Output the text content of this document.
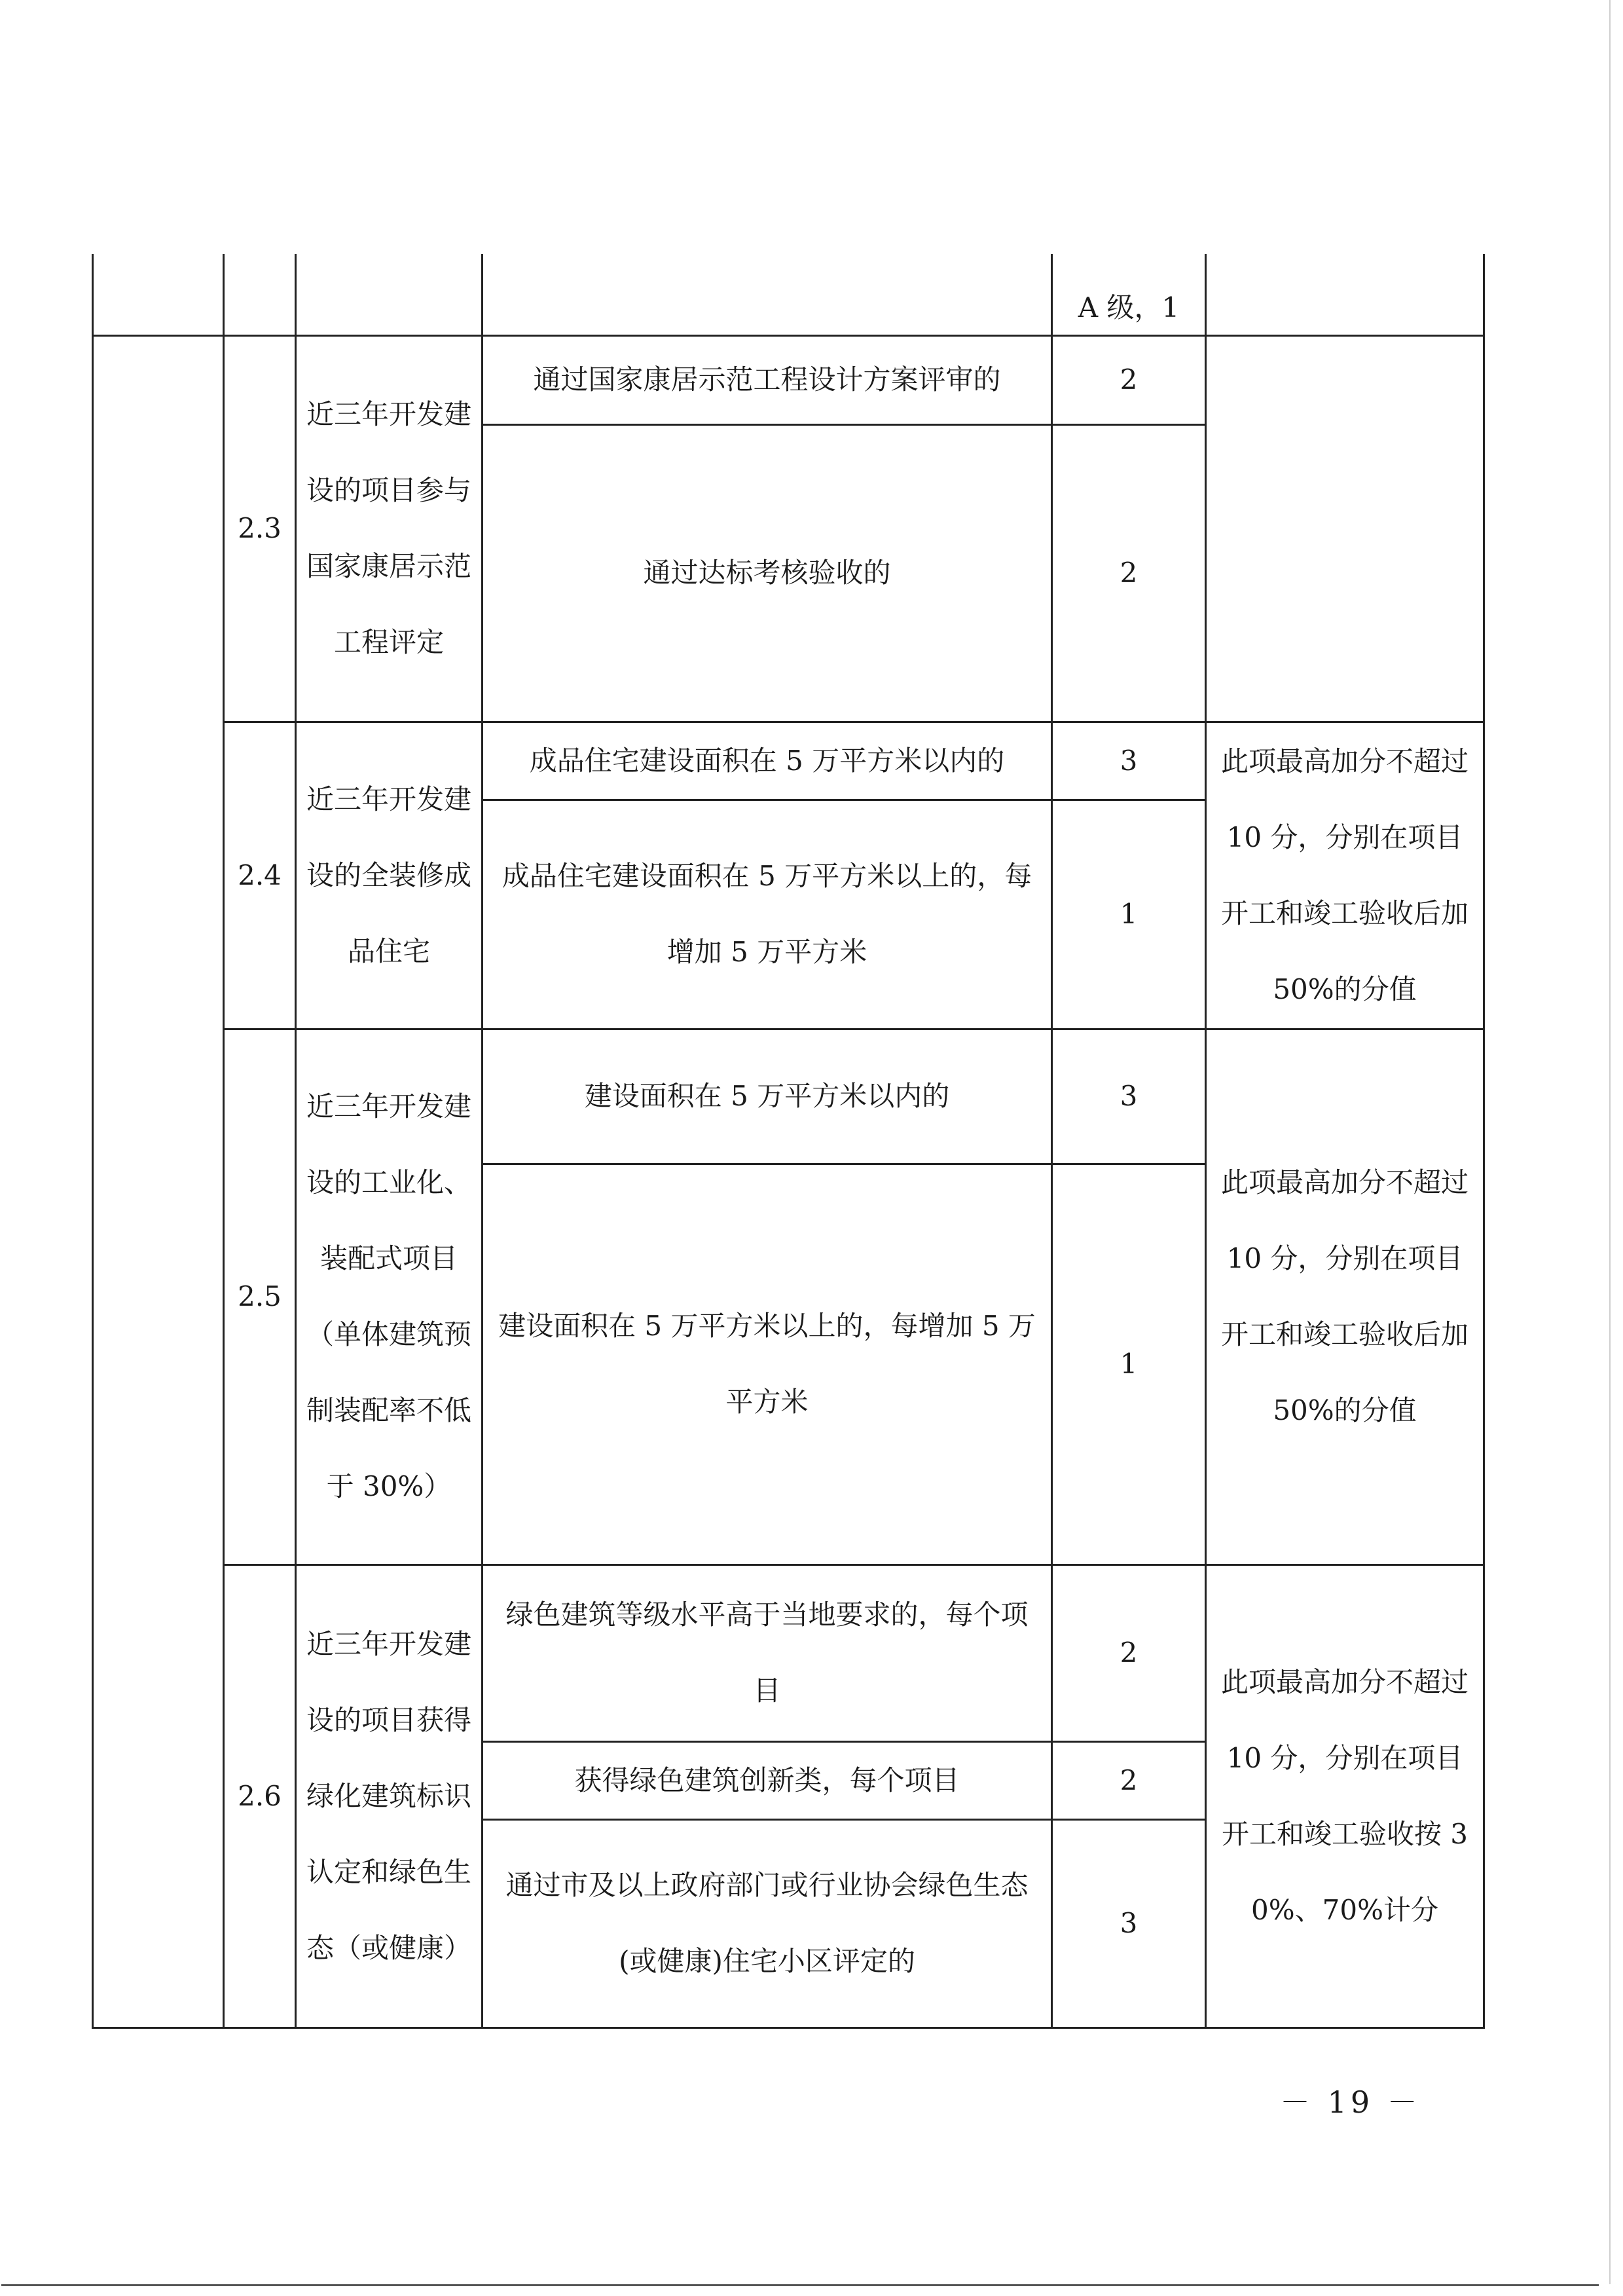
				A 级，1	
	2.3	近三年开发建设的项目参与国家康居示范工程评定	通过国家康居示范工程设计方案评审的	2	
			通过达标考核验收的	2	
	2.4	近三年开发建设的全装修成品住宅	成品住宅建设面积在 5 万平方米以内的	3	此项最高加分不超过 10 分，分别在项目开工和竣工验收后加 50%的分值
			成品住宅建设面积在 5 万平方米以上的，每增加 5 万平方米	1	
	2.5	近三年开发建设的工业化、装配式项目（单体建筑预制装配率不低于 30%）	建设面积在 5 万平方米以内的	3	此项最高加分不超过 10 分，分别在项目开工和竣工验收后加 50%的分值
			建设面积在 5 万平方米以上的，每增加 5 万平方米	1	
	2.6	近三年开发建设的项目获得绿化建筑标识认定和绿色生态（或健康）	绿色建筑等级水平高于当地要求的，每个项目	2	此项最高加分不超过 10 分，分别在项目开工和竣工验收按 30%、70%计分
			获得绿色建筑创新类，每个项目	2	
			通过市及以上政府部门或行业协会绿色生态(或健康)住宅小区评定的	3	
－ 19 －
